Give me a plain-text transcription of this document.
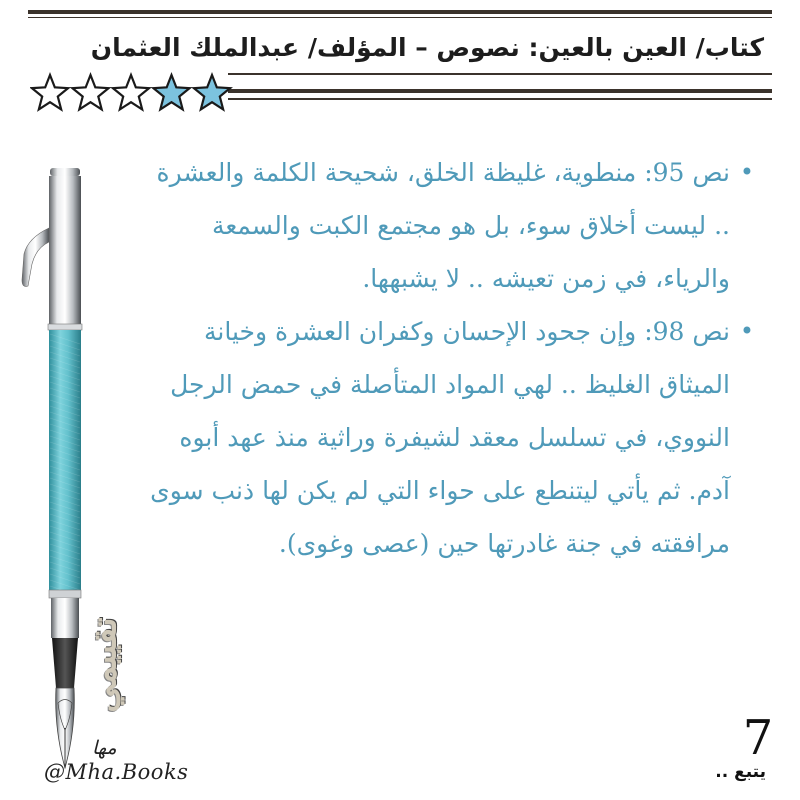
كتاب/ العين بالعين: نصوص – المؤلف/ عبدالملك العثمان
تقييمي
•
نص 95: منطوية، غليظة الخلق، شحيحة الكلمة والعشرة .. ليست أخلاق سوء، بل هو مجتمع الكبت والسمعة والرياء، في زمن تعيشه .. لا يشبهها.
•
نص 98: وإن جحود الإحسان وكفران العشرة وخيانة الميثاق الغليظ .. لهي المواد المتأصلة في حمض الرجل النووي، في تسلسل معقد لشيفرة وراثية منذ عهد أبوه آدم. ثم يأتي ليتنطع على حواء التي لم يكن لها ذنب سوى مرافقته في جنة غادرتها حين (عصى وغوى).
مها
@Mha.Books
7
يتبع ..
